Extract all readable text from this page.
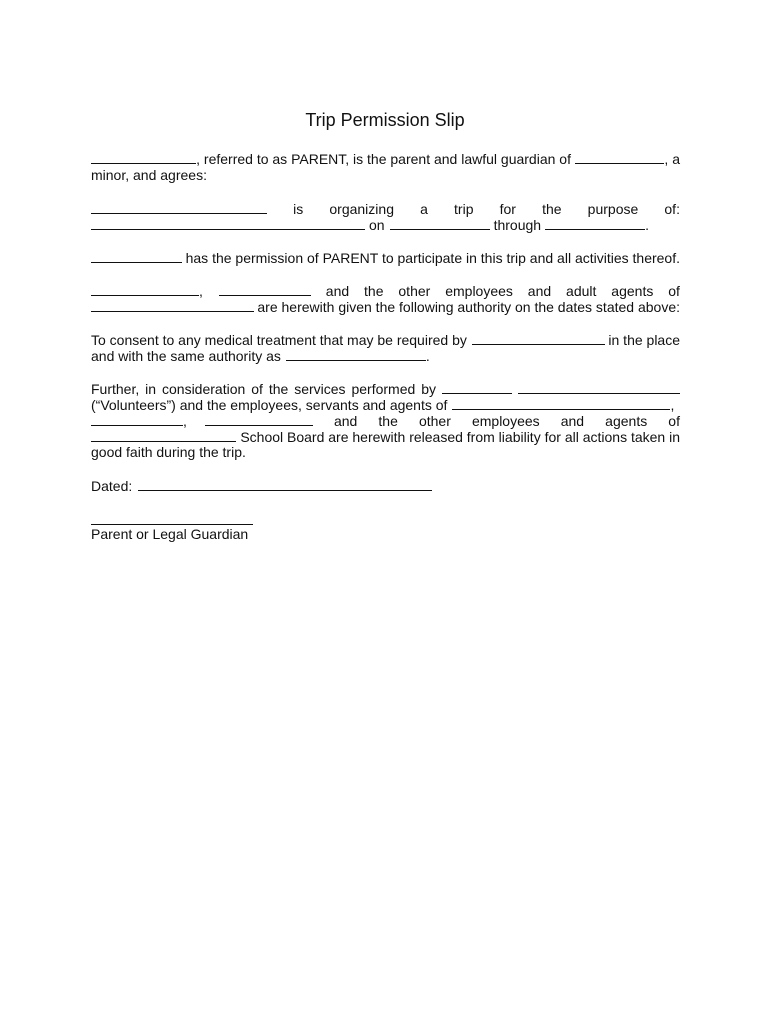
Trip Permission Slip
, referred to as PARENT, is the parent and lawful guardian of	, a
minor, and agrees:
is organizing a trip for the purpose of:
on	through	.
has the permission of PARENT to participate in this trip and all activities thereof.
,	and the other employees and adult agents of
are herewith given the following authority on the dates stated above:
To consent to any medical treatment that may be required by	in the place
and with the same authority as	.
Further, in consideration of the services performed by
(“Volunteers”) and the employees, servants and agents of	,
,	and the other employees and agents of
School Board are herewith released from liability for all actions taken in
good faith during the trip.
Dated:
Parent or Legal Guardian
